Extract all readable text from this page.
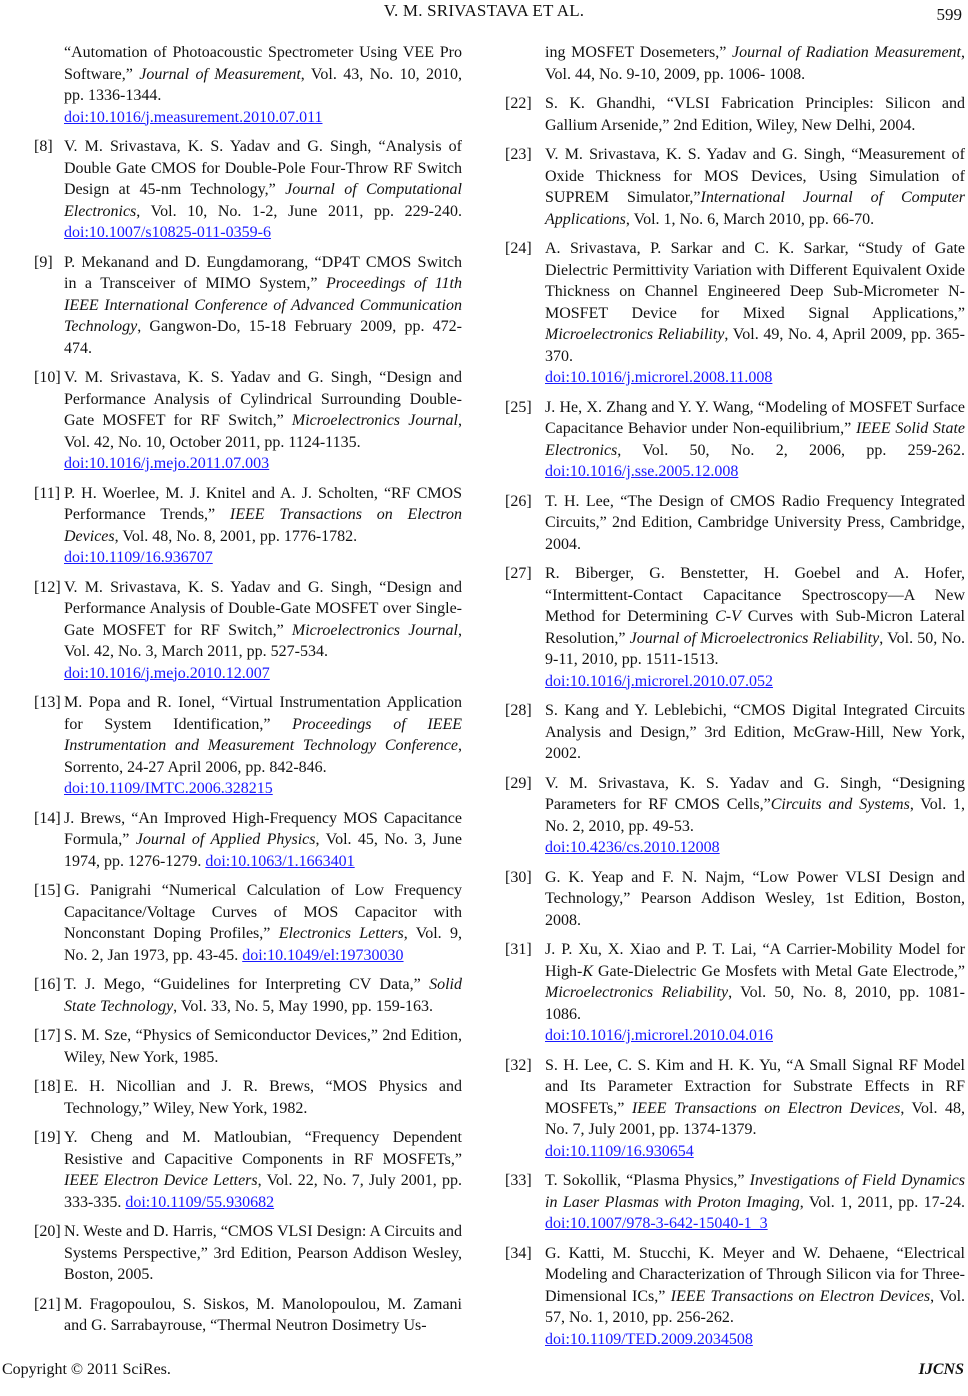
V. M. SRIVASTAVA ET AL.	599
“Automation of Photoacoustic Spectrometer Using VEE Pro Software,” Journal of Measurement, Vol. 43, No. 10, 2010, pp. 1336-1344.
doi:10.1016/j.measurement.2010.07.011
[8] V. M. Srivastava, K. S. Yadav and G. Singh, “Analysis of Double Gate CMOS for Double-Pole Four-Throw RF Switch Design at 45-nm Technology,” Journal of Computational Electronics, Vol. 10, No. 1-2, June 2011, pp. 229-240. doi:10.1007/s10825-011-0359-6
[9] P. Mekanand and D. Eungdamorang, “DP4T CMOS Switch in a Transceiver of MIMO System,” Proceedings of 11th IEEE International Conference of Advanced Communication Technology, Gangwon-Do, 15-18 February 2009, pp. 472-474.
[10] V. M. Srivastava, K. S. Yadav and G. Singh, “Design and Performance Analysis of Cylindrical Surrounding Double-Gate MOSFET for RF Switch,” Microelectronics Journal, Vol. 42, No. 10, October 2011, pp. 1124-1135.
doi:10.1016/j.mejo.2011.07.003
[11] P. H. Woerlee, M. J. Knitel and A. J. Scholten, “RF CMOS Performance Trends,” IEEE Transactions on Electron Devices, Vol. 48, No. 8, 2001, pp. 1776-1782.
doi:10.1109/16.936707
[12] V. M. Srivastava, K. S. Yadav and G. Singh, “Design and Performance Analysis of Double-Gate MOSFET over Single-Gate MOSFET for RF Switch,” Microelectronics Journal, Vol. 42, No. 3, March 2011, pp. 527-534.
doi:10.1016/j.mejo.2010.12.007
[13] M. Popa and R. Ionel, “Virtual Instrumentation Application for System Identification,” Proceedings of IEEE Instrumentation and Measurement Technology Conference, Sorrento, 24-27 April 2006, pp. 842-846.
doi:10.1109/IMTC.2006.328215
[14] J. Brews, “An Improved High-Frequency MOS Capacitance Formula,” Journal of Applied Physics, Vol. 45, No. 3, June 1974, pp. 1276-1279. doi:10.1063/1.1663401
[15] G. Panigrahi “Numerical Calculation of Low Frequency Capacitance/Voltage Curves of MOS Capacitor with Nonconstant Doping Profiles,” Electronics Letters, Vol. 9, No. 2, Jan 1973, pp. 43-45. doi:10.1049/el:19730030
[16] T. J. Mego, “Guidelines for Interpreting CV Data,” Solid State Technology, Vol. 33, No. 5, May 1990, pp. 159-163.
[17] S. M. Sze, “Physics of Semiconductor Devices,” 2nd Edition, Wiley, New York, 1985.
[18] E. H. Nicollian and J. R. Brews, “MOS Physics and Technology,” Wiley, New York, 1982.
[19] Y. Cheng and M. Matloubian, “Frequency Dependent Resistive and Capacitive Components in RF MOSFETs,” IEEE Electron Device Letters, Vol. 22, No. 7, July 2001, pp. 333-335. doi:10.1109/55.930682
[20] N. Weste and D. Harris, “CMOS VLSI Design: A Circuits and Systems Perspective,” 3rd Edition, Pearson Addison Wesley, Boston, 2005.
[21] M. Fragopoulou, S. Siskos, M. Manolopoulou, M. Zamani and G. Sarrabayrouse, “Thermal Neutron Dosimetry Us-
ing MOSFET Dosemeters,” Journal of Radiation Measurement, Vol. 44, No. 9-10, 2009, pp. 1006- 1008.
[22] S. K. Ghandhi, “VLSI Fabrication Principles: Silicon and Gallium Arsenide,” 2nd Edition, Wiley, New Delhi, 2004.
[23] V. M. Srivastava, K. S. Yadav and G. Singh, “Measurement of Oxide Thickness for MOS Devices, Using Simulation of SUPREM Simulator,”International Journal of Computer Applications, Vol. 1, No. 6, March 2010, pp. 66-70.
[24] A. Srivastava, P. Sarkar and C. K. Sarkar, “Study of Gate Dielectric Permittivity Variation with Different Equivalent Oxide Thickness on Channel Engineered Deep Sub-Micrometer N-MOSFET Device for Mixed Signal Applications,” Microelectronics Reliability, Vol. 49, No. 4, April 2009, pp. 365-370.
doi:10.1016/j.microrel.2008.11.008
[25] J. He, X. Zhang and Y. Y. Wang, “Modeling of MOSFET Surface Capacitance Behavior under Non-equilibrium,” IEEE Solid State Electronics, Vol. 50, No. 2, 2006, pp. 259-262. doi:10.1016/j.sse.2005.12.008
[26] T. H. Lee, “The Design of CMOS Radio Frequency Integrated Circuits,” 2nd Edition, Cambridge University Press, Cambridge, 2004.
[27] R. Biberger, G. Benstetter, H. Goebel and A. Hofer, “Intermittent-Contact Capacitance Spectroscopy—A New Method for Determining C-V Curves with Sub-Micron Lateral Resolution,” Journal of Microelectronics Reliability, Vol. 50, No. 9-11, 2010, pp. 1511-1513.
doi:10.1016/j.microrel.2010.07.052
[28] S. Kang and Y. Leblebichi, “CMOS Digital Integrated Circuits Analysis and Design,” 3rd Edition, McGraw-Hill, New York, 2002.
[29] V. M. Srivastava, K. S. Yadav and G. Singh, “Designing Parameters for RF CMOS Cells,”Circuits and Systems, Vol. 1, No. 2, 2010, pp. 49-53.
doi:10.4236/cs.2010.12008
[30] G. K. Yeap and F. N. Najm, “Low Power VLSI Design and Technology,” Pearson Addison Wesley, 1st Edition, Boston, 2008.
[31] J. P. Xu, X. Xiao and P. T. Lai, “A Carrier-Mobility Model for High-K Gate-Dielectric Ge Mosfets with Metal Gate Electrode,” Microelectronics Reliability, Vol. 50, No. 8, 2010, pp. 1081-1086.
doi:10.1016/j.microrel.2010.04.016
[32] S. H. Lee, C. S. Kim and H. K. Yu, “A Small Signal RF Model and Its Parameter Extraction for Substrate Effects in RF MOSFETs,” IEEE Transactions on Electron Devices, Vol. 48, No. 7, July 2001, pp. 1374-1379.
doi:10.1109/16.930654
[33] T. Sokollik, “Plasma Physics,” Investigations of Field Dynamics in Laser Plasmas with Proton Imaging, Vol. 1, 2011, pp. 17-24. doi:10.1007/978-3-642-15040-1_3
[34] G. Katti, M. Stucchi, K. Meyer and W. Dehaene, “Electrical Modeling and Characterization of Through Silicon via for Three-Dimensional ICs,” IEEE Transactions on Electron Devices, Vol. 57, No. 1, 2010, pp. 256-262.
doi:10.1109/TED.2009.2034508
Copyright © 2011 SciRes.	IJCNS
